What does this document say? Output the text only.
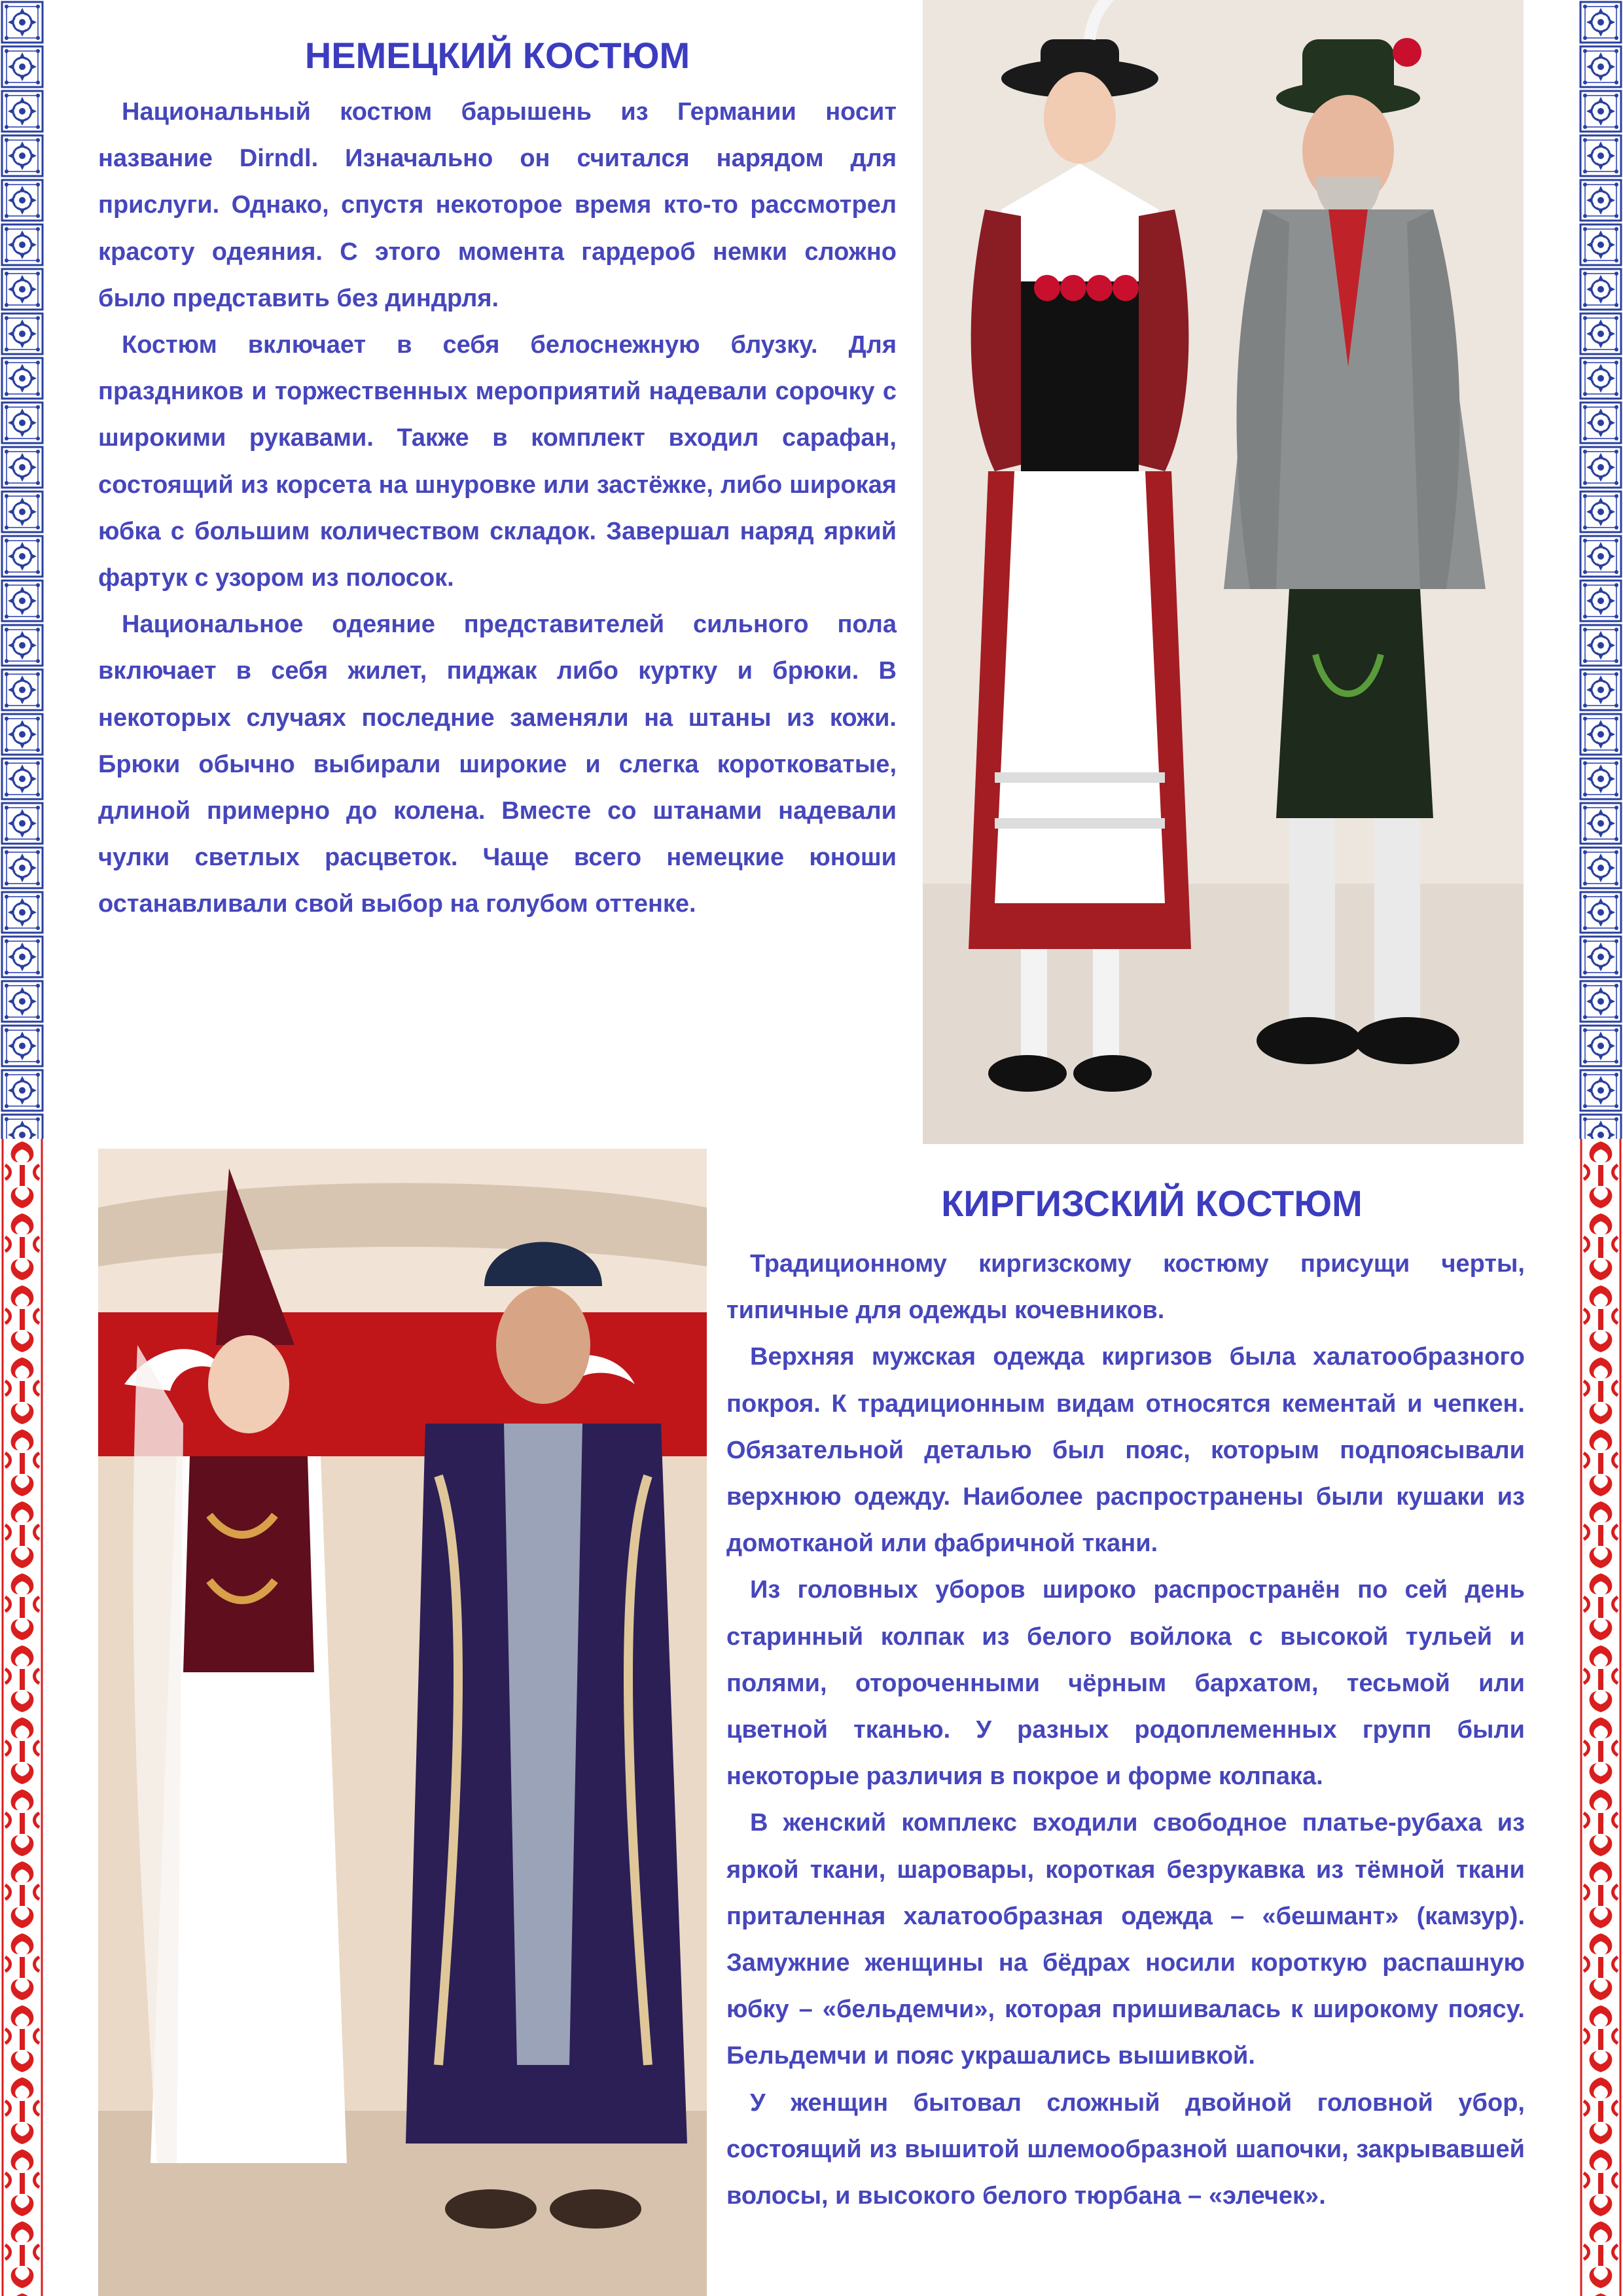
НЕМЕЦКИЙ КОСТЮМ

Национальный костюм барышень из Германии носит название Dirndl. Изначально он считался нарядом для прислуги. Однако, спустя некоторое время кто-то рассмотрел красоту одеяния. С этого момента гардероб немки сложно было представить без диндрля.

Костюм включает в себя белоснежную блузку. Для праздников и торжественных мероприятий надевали сорочку с широкими рукавами. Также в комплект входил сарафан, состоящий из корсета на шнуровке или застёжке, либо широкая юбка с большим количеством складок. Завершал наряд яркий фартук с узором из полосок.

Национальное одеяние представителей сильного пола включает в себя жилет, пиджак либо куртку и брюки. В некоторых случаях последние заменяли на штаны из кожи. Брюки обычно выбирали широкие и слегка коротковатые, длиной примерно до колена. Вместе со штанами надевали чулки светлых расцветок. Чаще всего немецкие юноши останавливали свой выбор на голубом оттенке.

КИРГИЗСКИЙ КОСТЮМ

Традиционному киргизскому костюму присущи черты, типичные для одежды кочевников.

Верхняя мужская одежда киргизов была халатообразного покроя. К традиционным видам относятся кементай и чепкен. Обязательной деталью был пояс, которым подпоясывали верхнюю одежду. Наиболее распространены были кушаки из домотканой или фабричной ткани.

Из головных уборов широко распространён по сей день старинный колпак из белого войлока с высокой тульей и полями, отороченными чёрным бархатом, тесьмой или цветной тканью. У разных родоплеменных групп были некоторые различия в покрое и форме колпака.

В женский комплекс входили свободное платье-рубаха из яркой ткани, шаровары, короткая безрукавка из тёмной ткани приталенная халатообразная одежда – «бешмант» (камзур). Замужние женщины на бёдрах носили короткую распашную юбку – «бельдемчи», которая пришивалась к широкому поясу. Бельдемчи и пояс украшались вышивкой.

У женщин бытовал сложный двойной головной убор, состоящий из вышитой шлемообразной шапочки, закрывавшей волосы, и высокого белого тюрбана – «элечек».
